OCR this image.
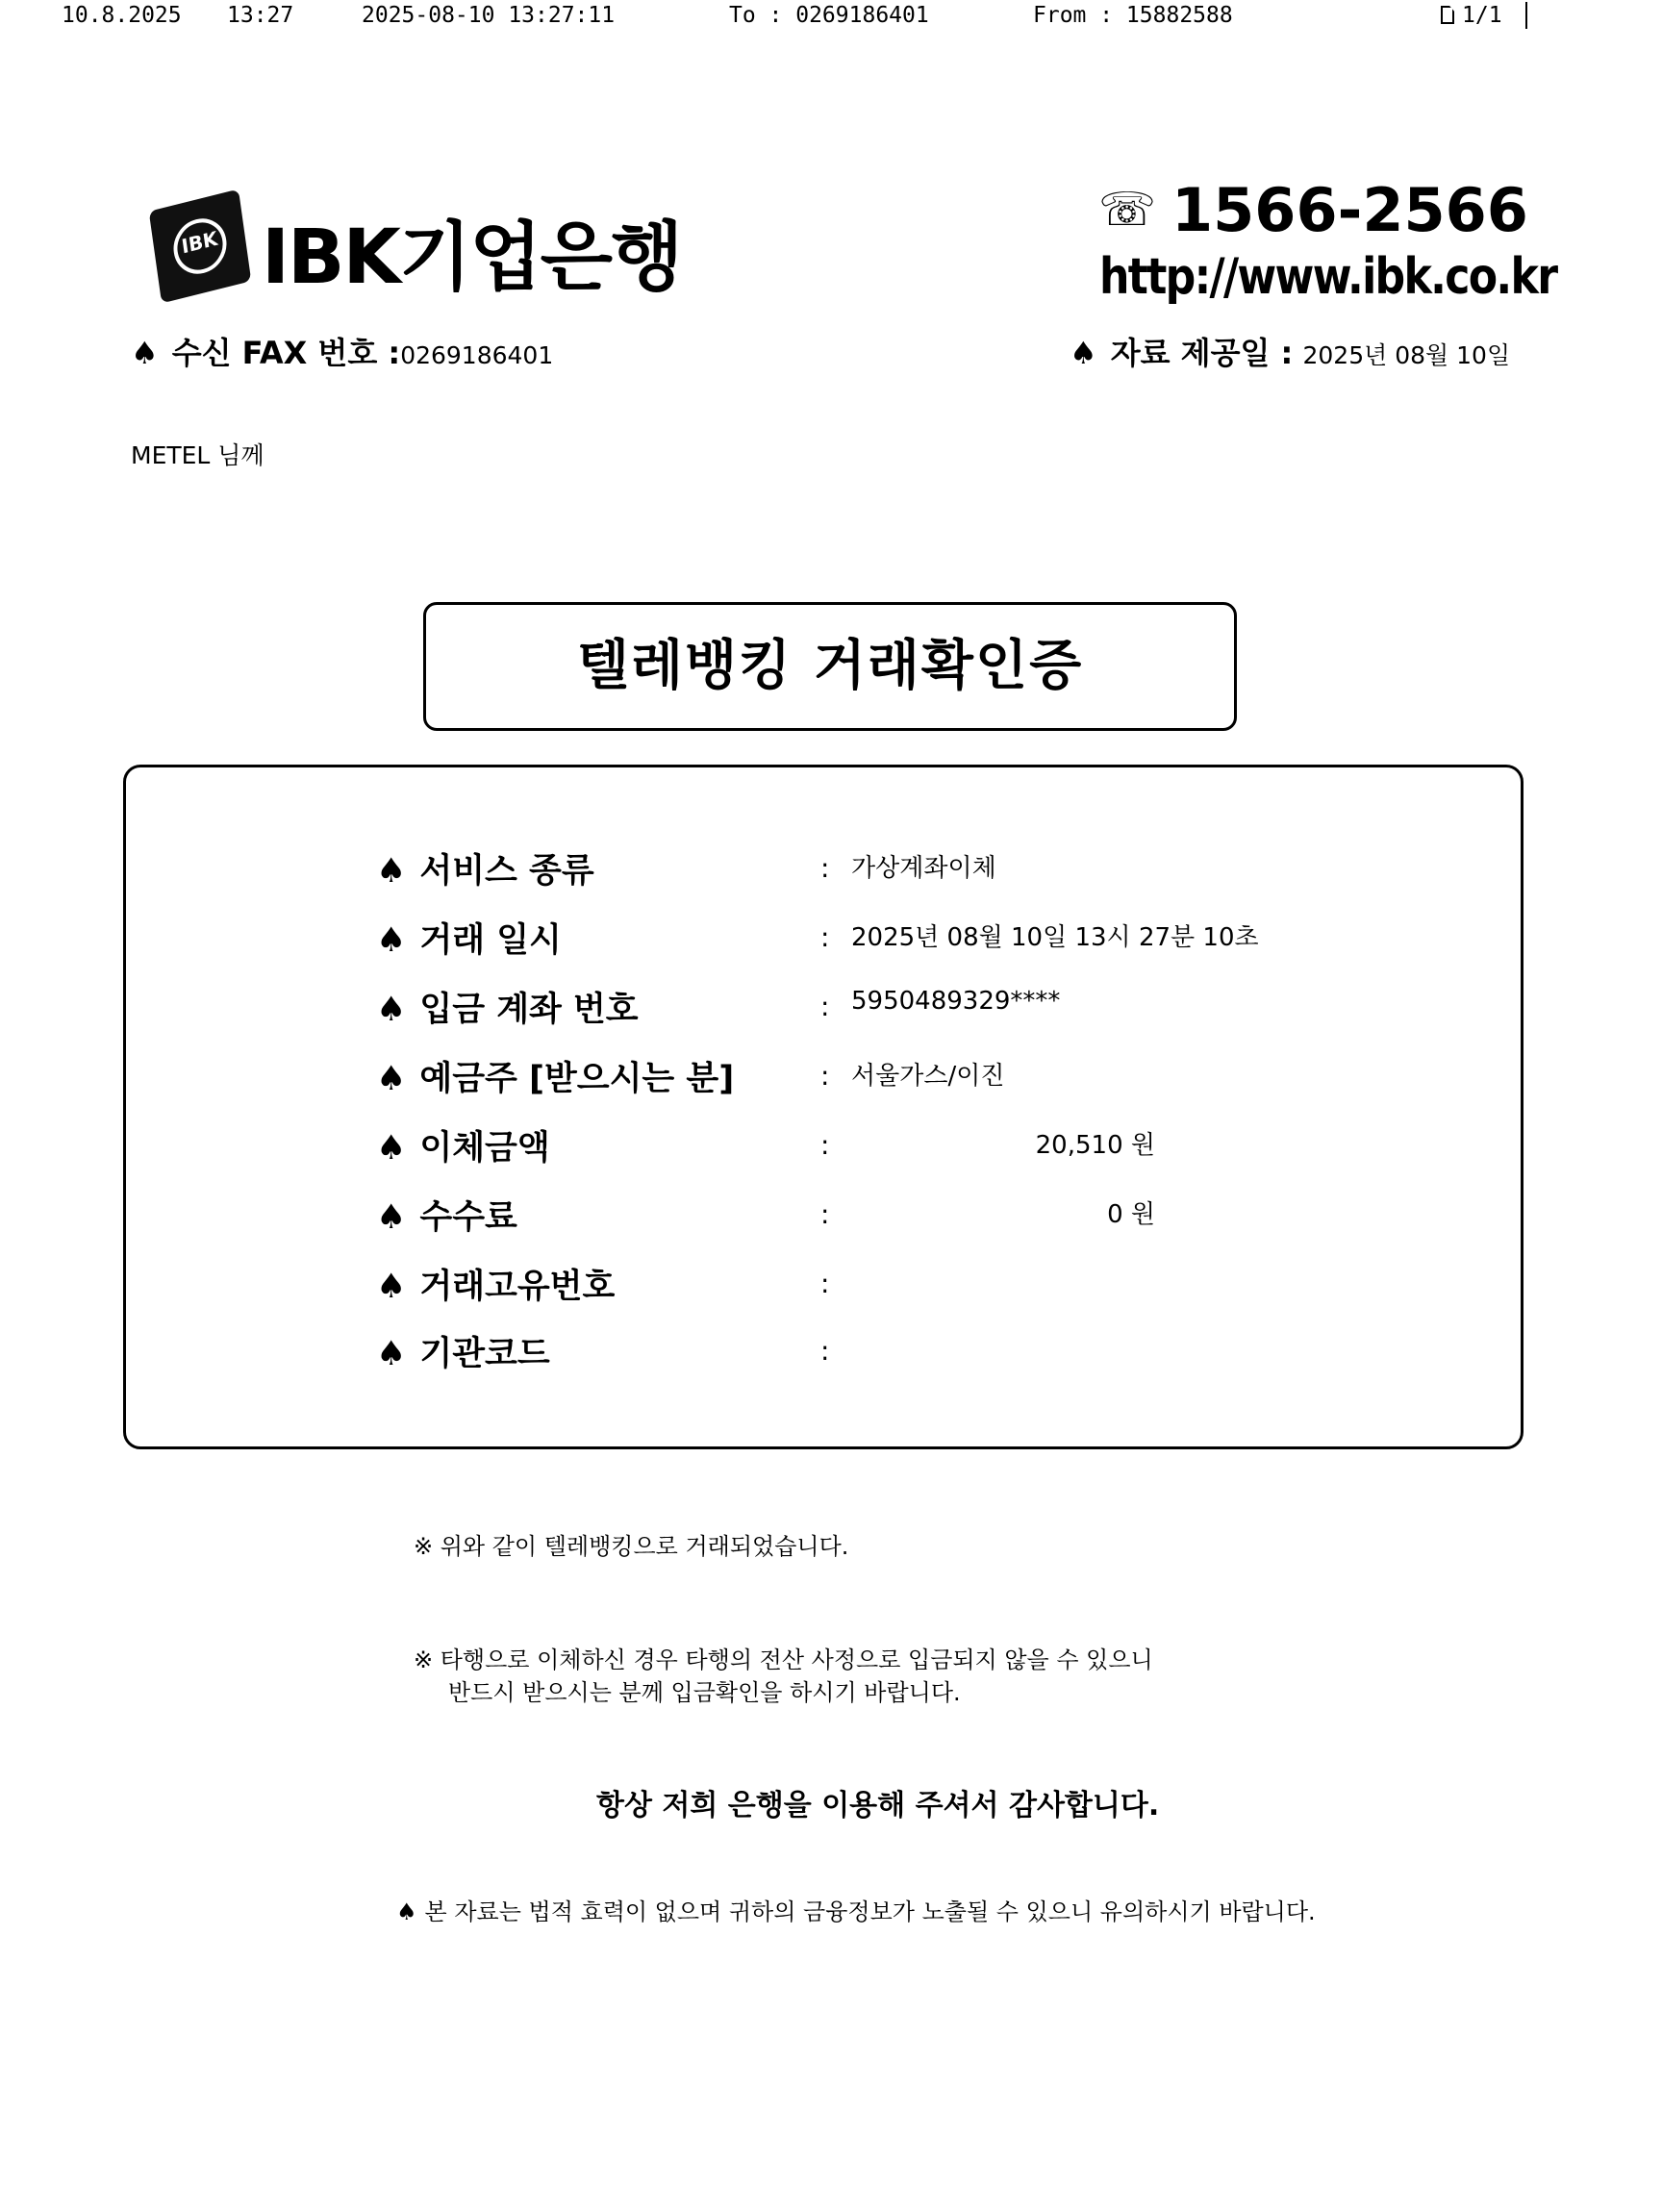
10.8.2025 13:27	2025-08-10 13:27:11	To : 0269186401	From : 15882588	1/1
IBK IBK기업은행
☏ 1566-2566
http://www.ibk.co.kr
♠ 수신 FAX 번호 :0269186401	♠ 자료 제공일 : 2025년 08월 10일
METEL 님께
텔레뱅킹 거래확인증
♠ 서비스 종류	: 가상계좌이체
♠ 거래 일시	: 2025년 08월 10일 13시 27분 10초
♠ 입금 계좌 번호	: 5950489329****
♠ 예금주 [받으시는 분]	: 서울가스/이진
♠ 이체금액	:	20,510 원
♠ 수수료	:	0 원
♠ 거래고유번호	:
♠ 기관코드	:
※ 위와 같이 텔레뱅킹으로 거래되었습니다.
※ 타행으로 이체하신 경우 타행의 전산 사정으로 입금되지 않을 수 있으니
반드시 받으시는 분께 입금확인을 하시기 바랍니다.
항상 저희 은행을 이용해 주셔서 감사합니다.
♠ 본 자료는 법적 효력이 없으며 귀하의 금융정보가 노출될 수 있으니 유의하시기 바랍니다.
